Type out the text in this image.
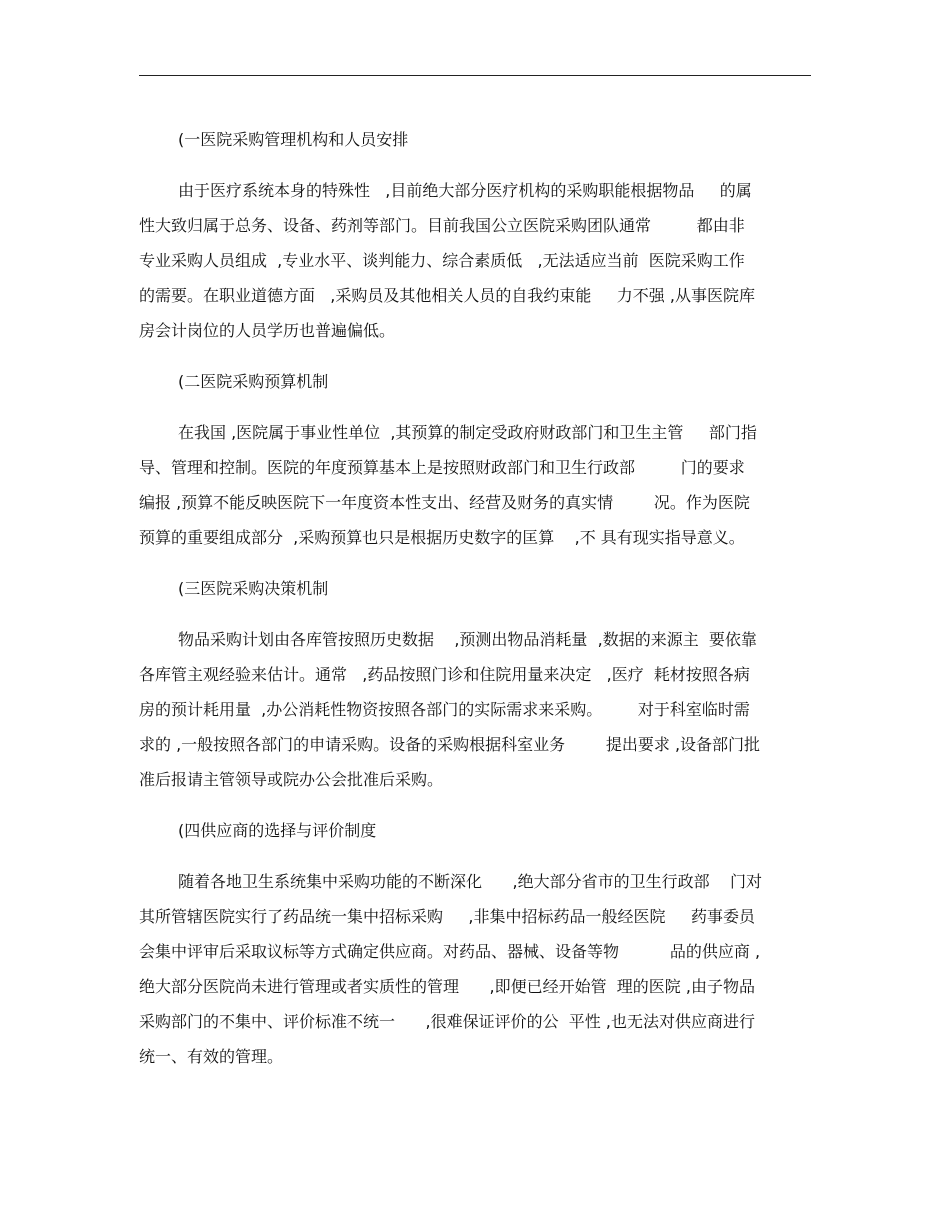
(一医院采购管理机构和人员安排
由于医疗系统本身的特殊性   ,目前绝大部分医疗机构的采购职能根据物品     的属
性大致归属于总务、设备、药剂等部门。目前我国公立医院采购团队通常         都由非
专业采购人员组成  ,专业水平、谈判能力、综合素质低   ,无法适应当前  医院采购工作
的需要。在职业道德方面   ,采购员及其他相关人员的自我约束能     力不强 ,从事医院库
房会计岗位的人员学历也普遍偏低。
(二医院采购预算机制
在我国 ,医院属于事业性单位  ,其预算的制定受政府财政部门和卫生主管     部门指
导、管理和控制。医院的年度预算基本上是按照财政部门和卫生行政部         门的要求
编报 ,预算不能反映医院下一年度资本性支出、经营及财务的真实情        况。作为医院
预算的重要组成部分  ,采购预算也只是根据历史数字的匡算    ,不 具有现实指导意义。
(三医院采购决策机制
物品采购计划由各库管按照历史数据    ,预测出物品消耗量  ,数据的来源主  要依靠
各库管主观经验来估计。通常   ,药品按照门诊和住院用量来决定   ,医疗  耗材按照各病
房的预计耗用量  ,办公消耗性物资按照各部门的实际需求来采购。       对于科室临时需
求的 ,一般按照各部门的申请采购。设备的采购根据科室业务        提出要求 ,设备部门批
准后报请主管领导或院办公会批准后采购。
(四供应商的选择与评价制度
随着各地卫生系统集中采购功能的不断深化      ,绝大部分省市的卫生行政部    门对
其所管辖医院实行了药品统一集中招标采购     ,非集中招标药品一般经医院     药事委员
会集中评审后采取议标等方式确定供应商。对药品、器械、设备等物          品的供应商 ,
绝大部分医院尚未进行管理或者实质性的管理      ,即便已经开始管  理的医院 ,由子物品
采购部门的不集中、评价标准不统一      ,很难保证评价的公  平性 ,也无法对供应商进行
统一、有效的管理。
